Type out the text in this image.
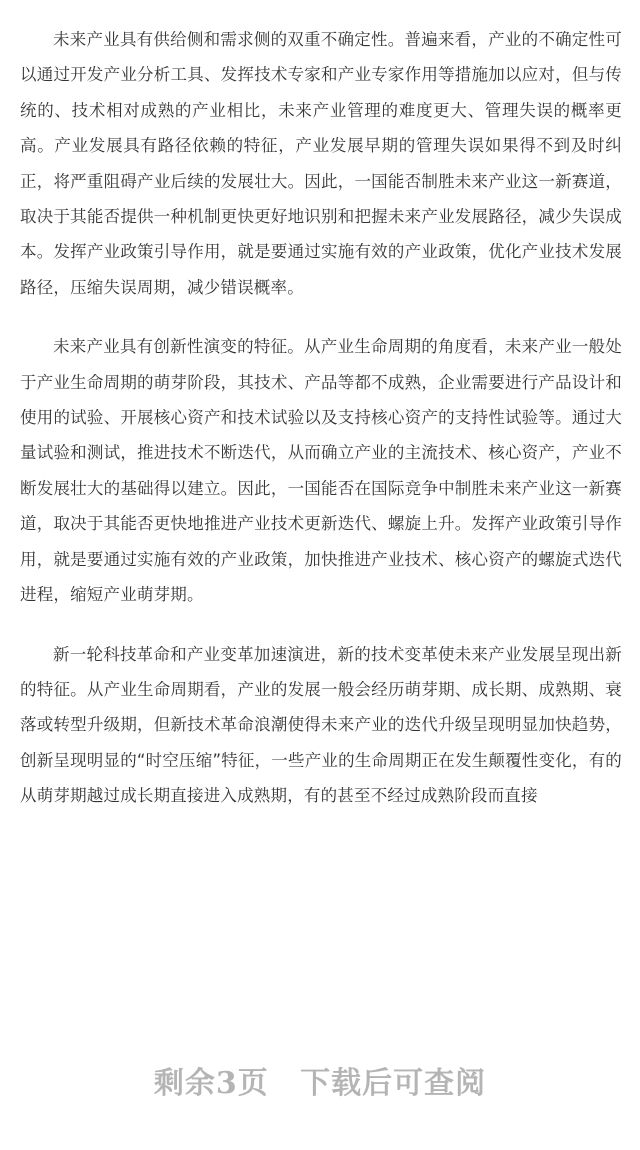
未来产业具有供给侧和需求侧的双重不确定性。普遍来看，产业的不确定性可以通过开发产业分析工具、发挥技术专家和产业专家作用等措施加以应对，但与传统的、技术相对成熟的产业相比，未来产业管理的难度更大、管理失误的概率更高。产业发展具有路径依赖的特征，产业发展早期的管理失误如果得不到及时纠正，将严重阻碍产业后续的发展壮大。因此，一国能否制胜未来产业这一新赛道，取决于其能否提供一种机制更快更好地识别和把握未来产业发展路径，减少失误成本。发挥产业政策引导作用，就是要通过实施有效的产业政策，优化产业技术发展路径，压缩失误周期，减少错误概率。

未来产业具有创新性演变的特征。从产业生命周期的角度看，未来产业一般处于产业生命周期的萌芽阶段，其技术、产品等都不成熟，企业需要进行产品设计和使用的试验、开展核心资产和技术试验以及支持核心资产的支持性试验等。通过大量试验和测试，推进技术不断迭代，从而确立产业的主流技术、核心资产，产业不断发展壮大的基础得以建立。因此，一国能否在国际竞争中制胜未来产业这一新赛道，取决于其能否更快地推进产业技术更新迭代、螺旋上升。发挥产业政策引导作用，就是要通过实施有效的产业政策，加快推进产业技术、核心资产的螺旋式迭代进程，缩短产业萌芽期。

新一轮科技革命和产业变革加速演进，新的技术变革使未来产业发展呈现出新的特征。从产业生命周期看，产业的发展一般会经历萌芽期、成长期、成熟期、衰落或转型升级期，但新技术革命浪潮使得未来产业的迭代升级呈现明显加快趋势，创新呈现明显的“时空压缩”特征，一些产业的生命周期正在发生颠覆性变化，有的从萌芽期越过成长期直接进入成熟期，有的甚至不经过成熟阶段而直接

剩余3页 下载后可查阅
